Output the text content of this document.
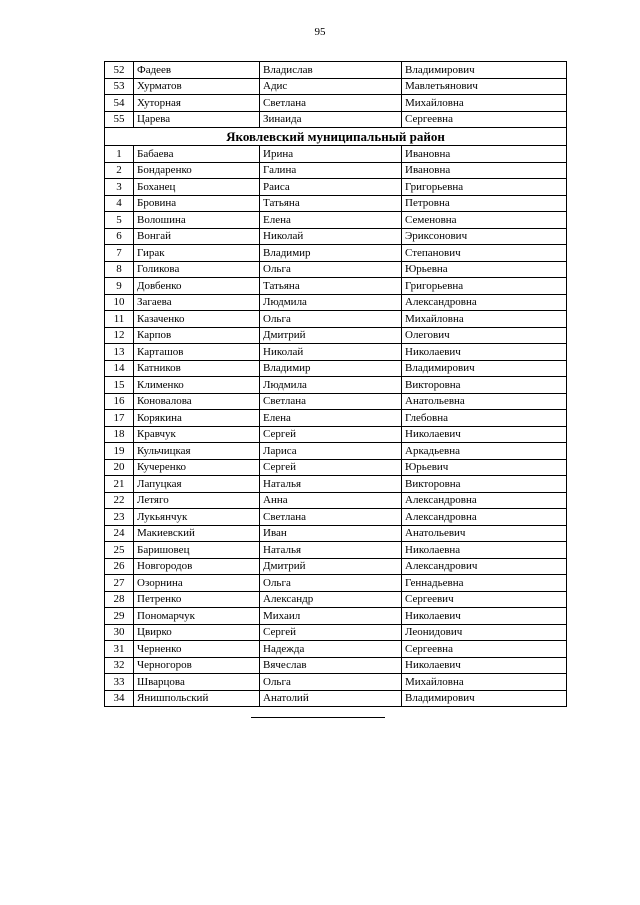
95
52	Фадеев	Владислав	Владимирович
53	Хурматов	Адис	Мавлетьянович
54	Хуторная	Светлана	Михайловна
55	Царева	Зинаида	Сергеевна
Яковлевский муниципальный район			
1	Бабаева	Ирина	Ивановна
2	Бондаренко	Галина	Ивановна
3	Боханец	Раиса	Григорьевна
4	Бровина	Татьяна	Петровна
5	Волошина	Елена	Семеновна
6	Вонгай	Николай	Эриксонович
7	Гирак	Владимир	Степанович
8	Голикова	Ольга	Юрьевна
9	Довбенко	Татьяна	Григорьевна
10	Загаева	Людмила	Александровна
11	Казаченко	Ольга	Михайловна
12	Карпов	Дмитрий	Олегович
13	Карташов	Николай	Николаевич
14	Катников	Владимир	Владимирович
15	Клименко	Людмила	Викторовна
16	Коновалова	Светлана	Анатольевна
17	Корякина	Елена	Глебовна
18	Кравчук	Сергей	Николаевич
19	Кульчицкая	Лариса	Аркадьевна
20	Кучеренко	Сергей	Юрьевич
21	Лапуцкая	Наталья	Викторовна
22	Летяго	Анна	Александровна
23	Лукьянчук	Светлана	Александровна
24	Макиевский	Иван	Анатольевич
25	Баришовец	Наталья	Николаевна
26	Новгородов	Дмитрий	Александрович
27	Озорнина	Ольга	Геннадьевна
28	Петренко	Александр	Сергеевич
29	Пономарчук	Михаил	Николаевич
30	Цвирко	Сергей	Леонидович
31	Черненко	Надежда	Сергеевна
32	Черногоров	Вячеслав	Николаевич
33	Шварцова	Ольга	Михайловна
34	Янишпольский	Анатолий	Владимирович
